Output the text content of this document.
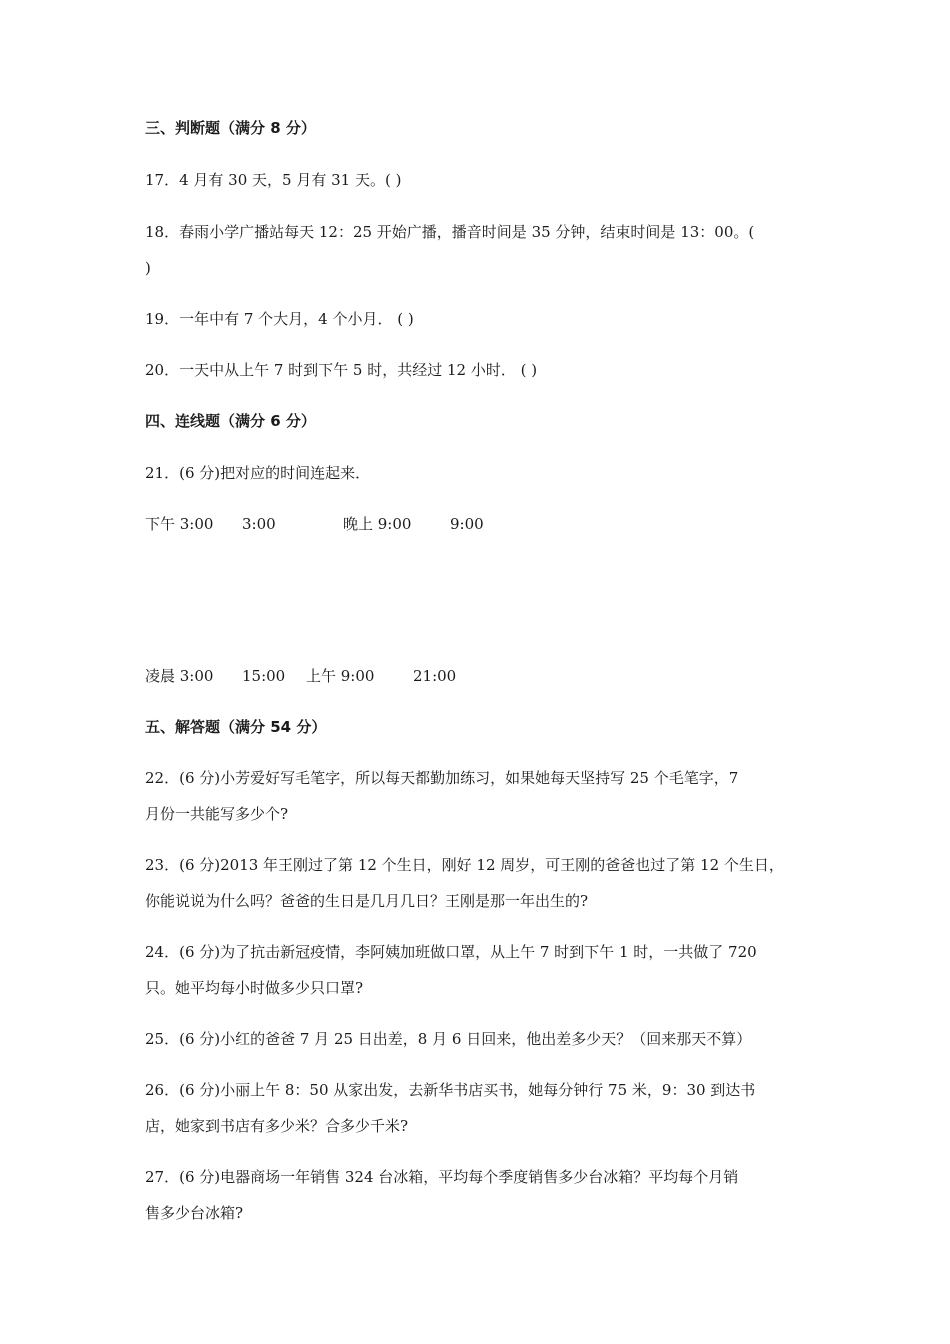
三、判断题（满分 8 分）
17．4 月有 30 天，5 月有 31 天。( )
18．春雨小学广播站每天 12：25 开始广播，播音时间是 35 分钟，结束时间是 13：00。(
)
19．一年中有 7 个大月，4 个小月． ( )
20．一天中从上午 7 时到下午 5 时，共经过 12 小时． ( )
四、连线题（满分 6 分）
21．(6 分)把对应的时间连起来．
下午 3:00 3:00	晚上 9:00	9:00
凌晨 3:00 15:00 上午 9:00	21:00
五、解答题（满分 54 分）
22．(6 分)小芳爱好写毛笔字，所以每天都勤加练习，如果她每天坚持写 25 个毛笔字，7
月份一共能写多少个?
23．(6 分)2013 年王刚过了第 12 个生日，刚好 12 周岁，可王刚的爸爸也过了第 12 个生日，
你能说说为什么吗？爸爸的生日是几月几日？王刚是那一年出生的?
24．(6 分)为了抗击新冠疫情，李阿姨加班做口罩，从上午 7 时到下午 1 时，一共做了 720
只。她平均每小时做多少只口罩?
25．(6 分)小红的爸爸 7 月 25 日出差，8 月 6 日回来，他出差多少天？（回来那天不算）
26．(6 分)小丽上午 8：50 从家出发，去新华书店买书，她每分钟行 75 米，9：30 到达书
店，她家到书店有多少米？合多少千米?
27．(6 分)电器商场一年销售 324 台冰箱，平均每个季度销售多少台冰箱？平均每个月销
售多少台冰箱?
